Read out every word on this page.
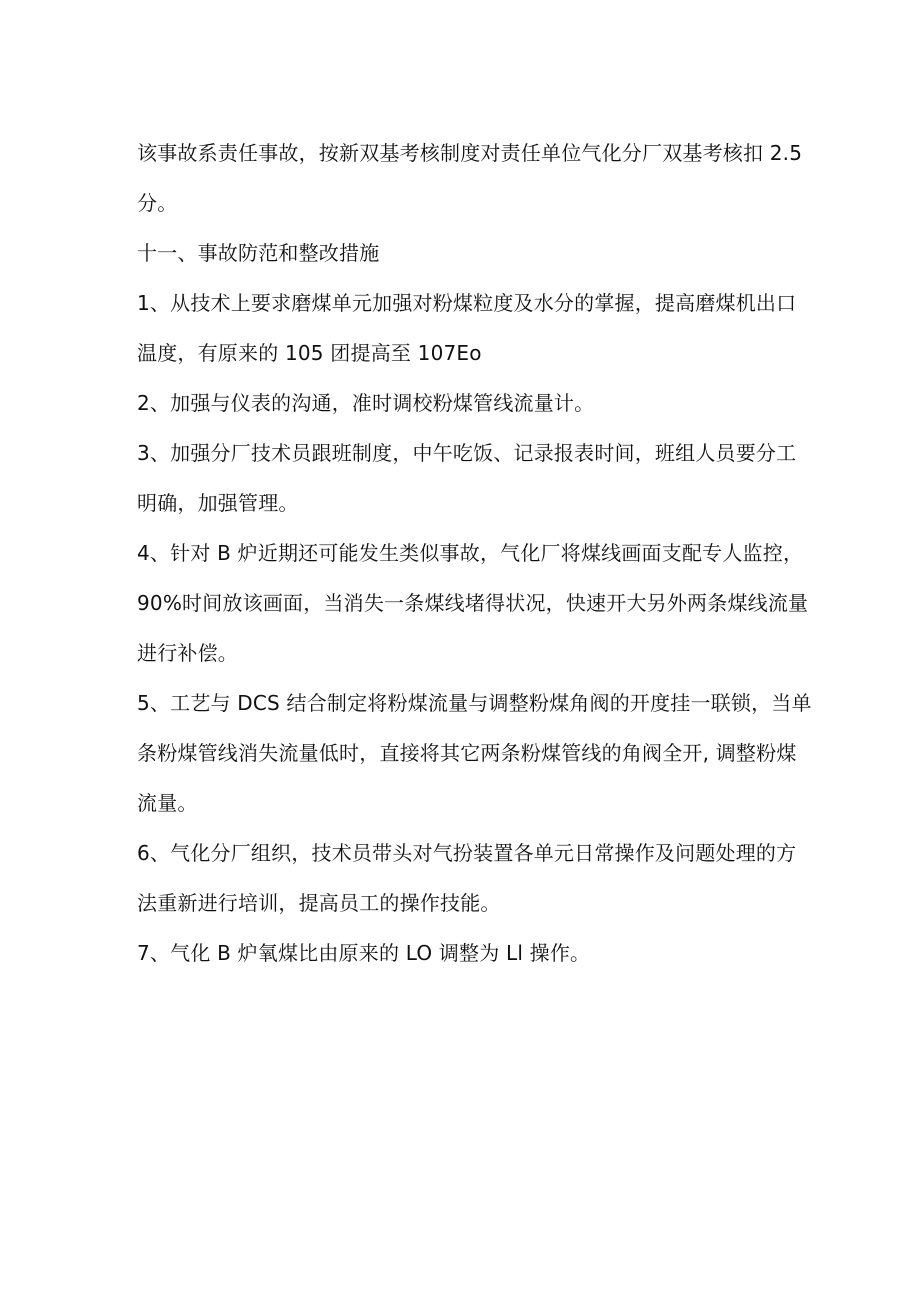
该事故系责任事故，按新双基考核制度对责任单位气化分厂双基考核扣 2.5
分。

十一、事故防范和整改措施

1、从技术上要求磨煤单元加强对粉煤粒度及水分的掌握，提高磨煤机出口
温度，有原来的 105 团提高至 107Eo

2、加强与仪表的沟通，准时调校粉煤管线流量计。

3、加强分厂技术员跟班制度，中午吃饭、记录报表时间，班组人员要分工
明确，加强管理。

4、针对 B 炉近期还可能发生类似事故，气化厂将煤线画面支配专人监控，
90%时间放该画面，当消失一条煤线堵得状况，快速开大另外两条煤线流量
进行补偿。

5、工艺与 DCS 结合制定将粉煤流量与调整粉煤角阀的开度挂一联锁，当单
条粉煤管线消失流量低时，直接将其它两条粉煤管线的角阀全开, 调整粉煤
流量。

6、气化分厂组织，技术员带头对气扮装置各单元日常操作及问题处理的方
法重新进行培训，提高员工的操作技能。

7、气化 B 炉氧煤比由原来的 LO 调整为 Ll 操作。
